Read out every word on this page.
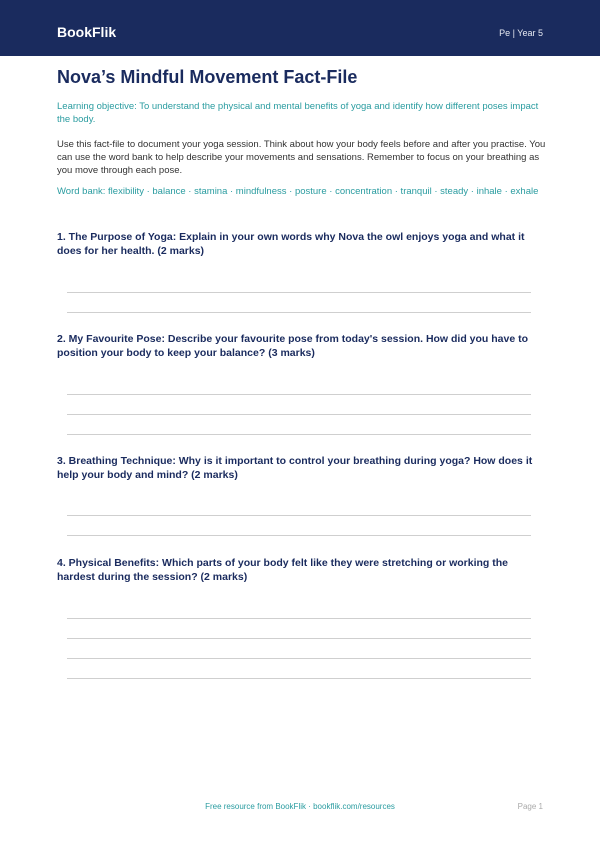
BookFlik	Pe | Year 5
Nova’s Mindful Movement Fact-File
Learning objective: To understand the physical and mental benefits of yoga and identify how different poses impact the body.
Use this fact-file to document your yoga session. Think about how your body feels before and after you practise. You can use the word bank to help describe your movements and sensations. Remember to focus on your breathing as you move through each pose.
Word bank: flexibility · balance · stamina · mindfulness · posture · concentration · tranquil · steady · inhale · exhale
1. The Purpose of Yoga: Explain in your own words why Nova the owl enjoys yoga and what it does for her health. (2 marks)
2. My Favourite Pose: Describe your favourite pose from today's session. How did you have to position your body to keep your balance? (3 marks)
3. Breathing Technique: Why is it important to control your breathing during yoga? How does it help your body and mind? (2 marks)
4. Physical Benefits: Which parts of your body felt like they were stretching or working the hardest during the session? (2 marks)
Free resource from BookFlik · bookflik.com/resources	Page 1
